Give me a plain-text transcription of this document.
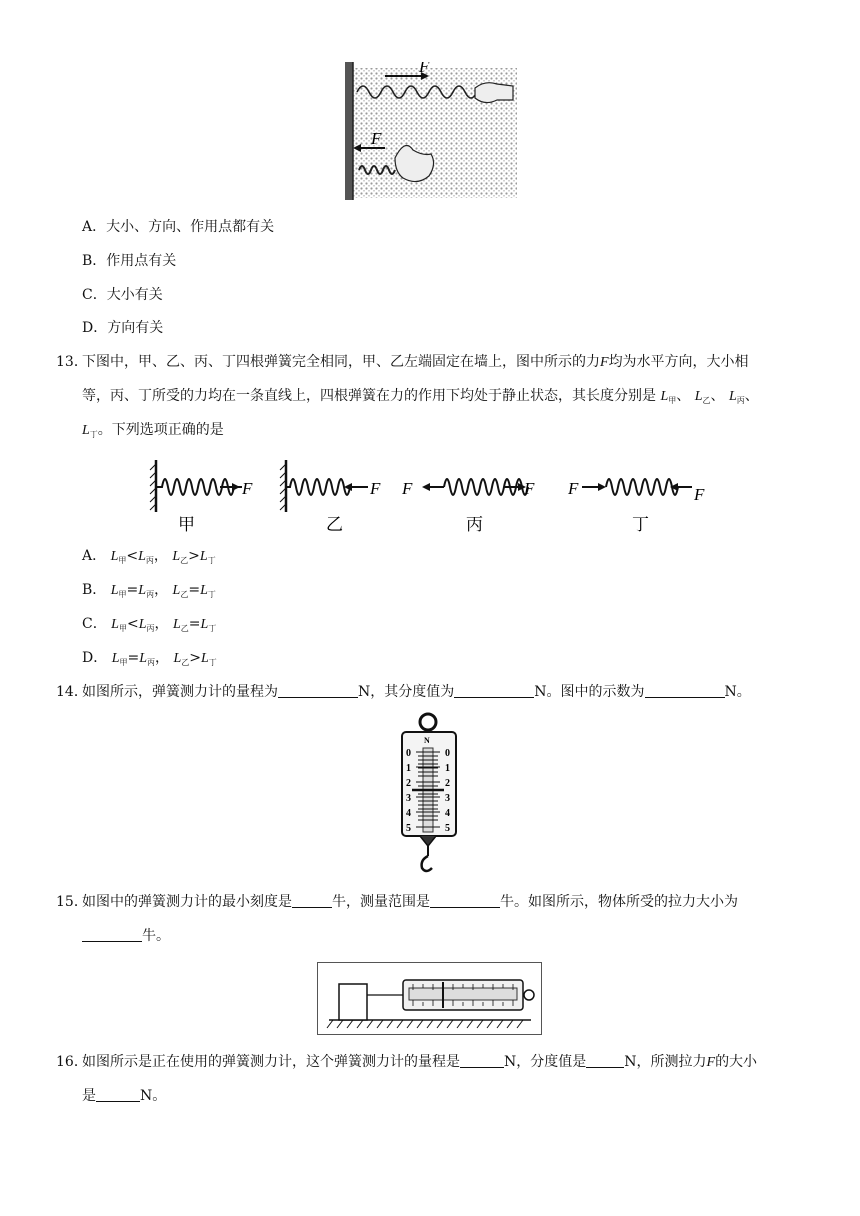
F
F
A．大小、方向、作用点都有关
B．作用点有关
C．大小有关
D．方向有关
13．
下图中，甲、乙、丙、丁四根弹簧完全相同，甲、乙左端固定在墙上，图中所示的力F均为水平方向，大小相
等，丙、丁所受的力均在一条直线上，四根弹簧在力的作用下均处于静止状态，其长度分别是 $L_甲$、 $L_乙$、 $L_丙$、
$L_丁$。下列选项正确的是
F
甲
F
乙
F	F
丙
F	F
丁
A． $L_甲<L_丙$， $L_乙>L_丁$
B． $L_甲=L_丙$， $L_乙=L_丁$
C． $L_甲<L_丙$， $L_乙=L_丁$
D． $L_甲=L_丙$， $L_乙>L_丁$
14．
如图所示，弹簧测力计的量程为	N，其分度值为	N。图中的示数为	N。
N
0
1
2
3
4
5
0
1
2
3
4
5
15．
如图中的弹簧测力计的最小刻度是	牛，测量范围是	牛。如图所示，物体所受的拉力大小为
牛。
16．
如图所示是正在使用的弹簧测力计，这个弹簧测力计的量程是	N，分度值是	N，所测拉力F的大小
是	N。
